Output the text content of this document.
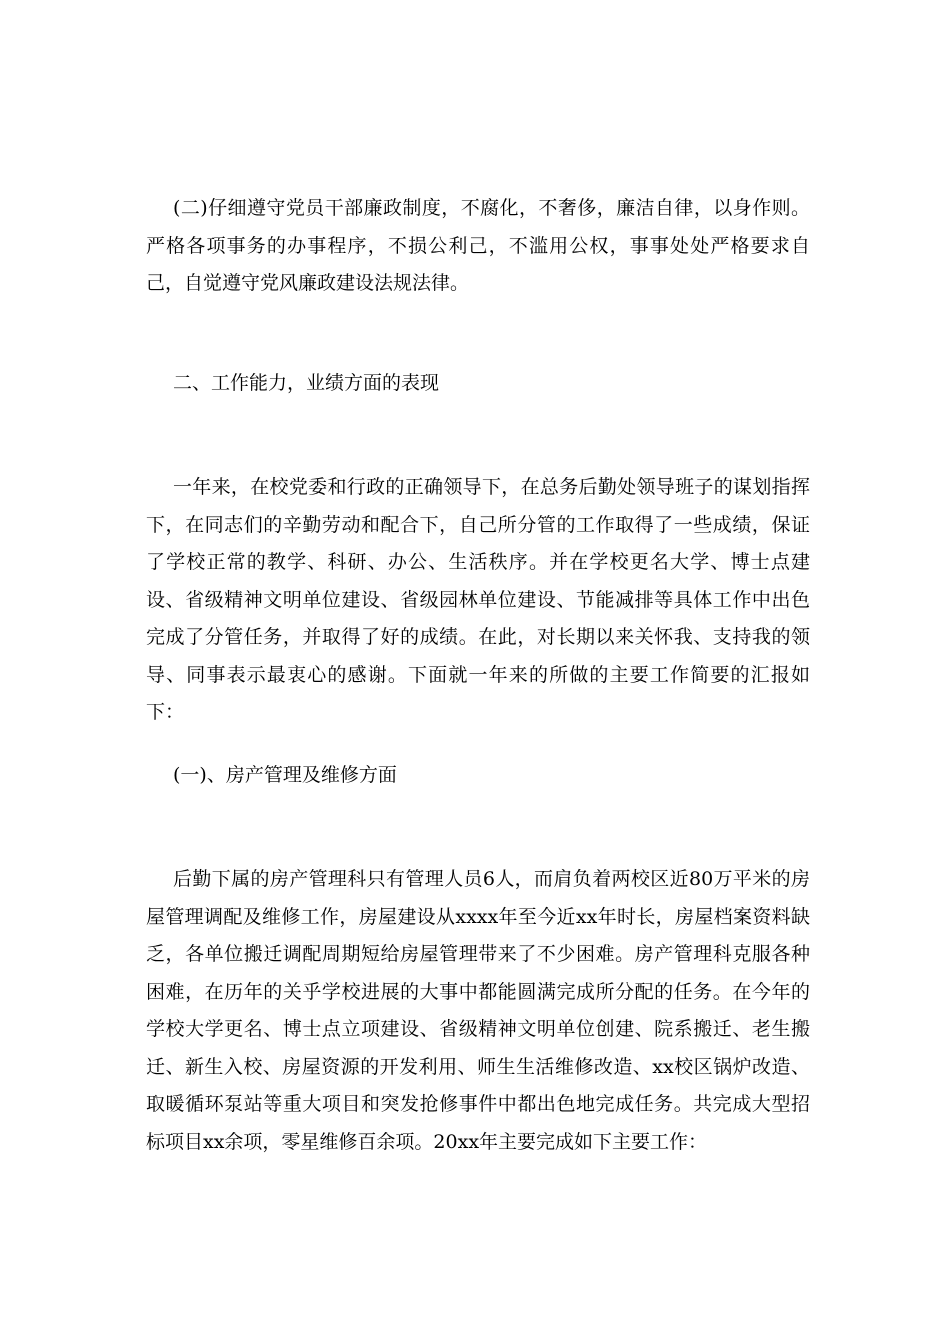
(二)仔细遵守党员干部廉政制度，不腐化，不奢侈，廉洁自律，以身作则。严格各项事务的办事程序，不损公利己，不滥用公权，事事处处严格要求自己，自觉遵守党风廉政建设法规法律。

二、工作能力，业绩方面的表现

一年来，在校党委和行政的正确领导下，在总务后勤处领导班子的谋划指挥下，在同志们的辛勤劳动和配合下，自己所分管的工作取得了一些成绩，保证了学校正常的教学、科研、办公、生活秩序。并在学校更名大学、博士点建设、省级精神文明单位建设、省级园林单位建设、节能减排等具体工作中出色完成了分管任务，并取得了好的成绩。在此，对长期以来关怀我、支持我的领导、同事表示最衷心的感谢。下面就一年来的所做的主要工作简要的汇报如下：

(一)、房产管理及维修方面

后勤下属的房产管理科只有管理人员6人，而肩负着两校区近80万平米的房屋管理调配及维修工作，房屋建设从xxxx年至今近xx年时长，房屋档案资料缺乏，各单位搬迁调配周期短给房屋管理带来了不少困难。房产管理科克服各种困难，在历年的关乎学校进展的大事中都能圆满完成所分配的任务。在今年的学校大学更名、博士点立项建设、省级精神文明单位创建、院系搬迁、老生搬迁、新生入校、房屋资源的开发利用、师生生活维修改造、xx校区锅炉改造、取暖循环泵站等重大项目和突发抢修事件中都出色地完成任务。共完成大型招标项目xx余项，零星维修百余项。20xx年主要完成如下主要工作：
